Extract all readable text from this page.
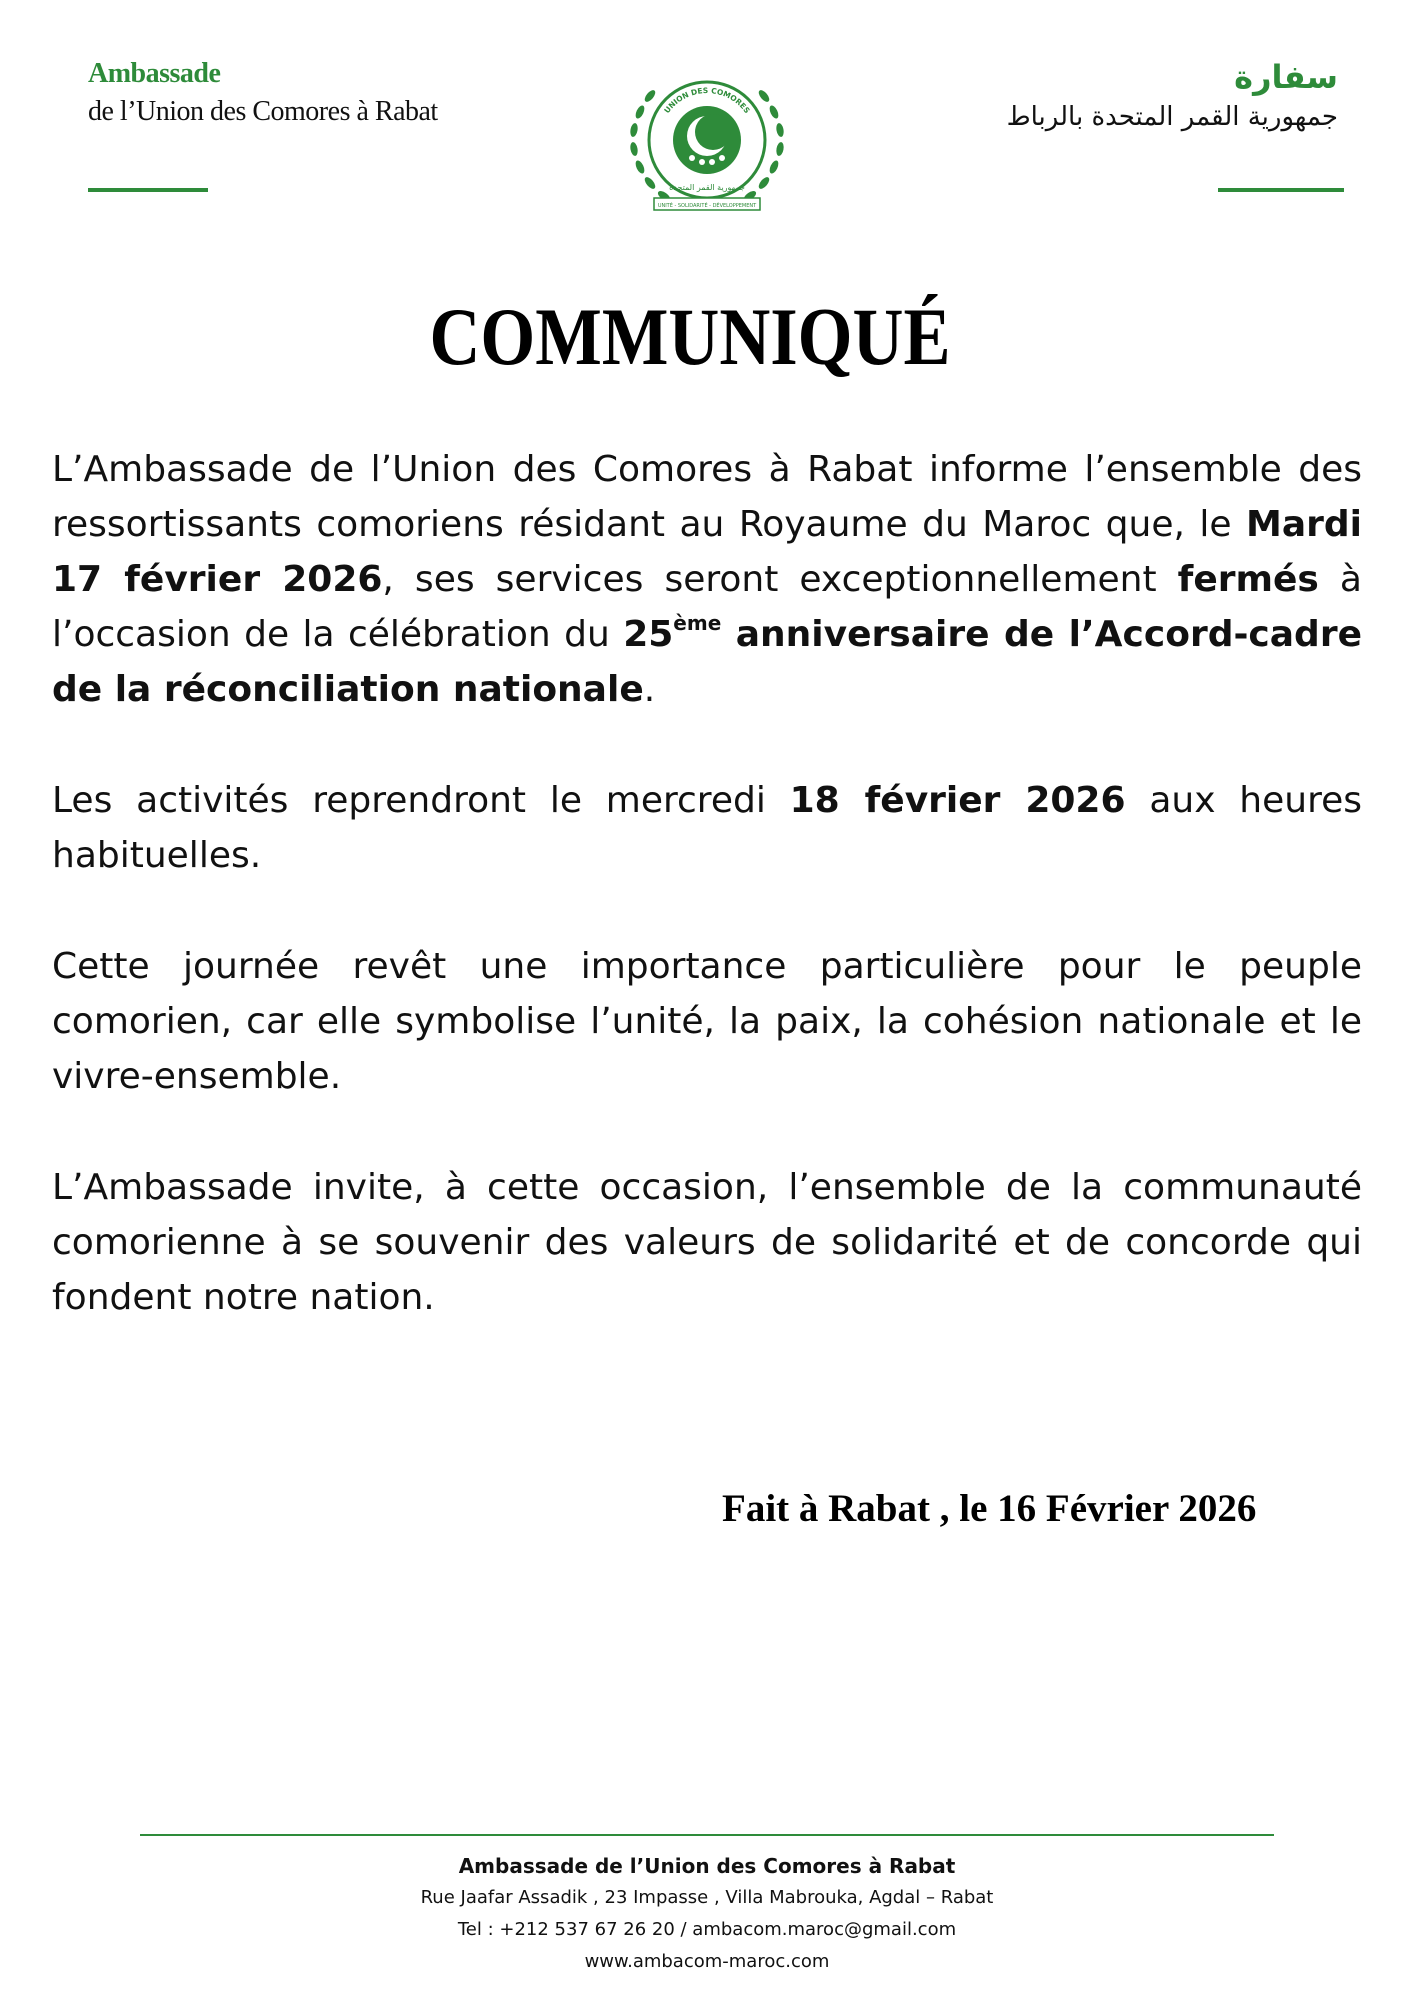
Ambassade
de l’Union des Comores à Rabat	UNION DES COMORES
جمهورية القمر المتحدة
UNITÉ - SOLIDARITÉ - DÉVELOPPEMENT
سفارة
جمهورية القمر المتحدة بالرباط
COMMUNIQUÉ

L’Ambassade de l’Union des Comores à Rabat informe l’ensemble des ressortissants comoriens résidant au Royaume du Maroc que, le Mardi 17 février 2026, ses services seront exceptionnellement fermés à l’occasion de la célébration du 25ème anniversaire de l’Accord-cadre de la réconciliation nationale.

Les activités reprendront le mercredi 18 février 2026 aux heures habituelles.

Cette journée revêt une importance particulière pour le peuple comorien, car elle symbolise l’unité, la paix, la cohésion nationale et le vivre-ensemble.

L’Ambassade invite, à cette occasion, l’ensemble de la communauté comorienne à se souvenir des valeurs de solidarité et de concorde qui fondent notre nation.

Fait à Rabat , le 16 Février 2026
Ambassade de l’Union des Comores à Rabat
Rue Jaafar Assadik , 23 Impasse , Villa Mabrouka, Agdal – Rabat
Tel : +212 537 67 26 20 / ambacom.maroc@gmail.com
www.ambacom-maroc.com
